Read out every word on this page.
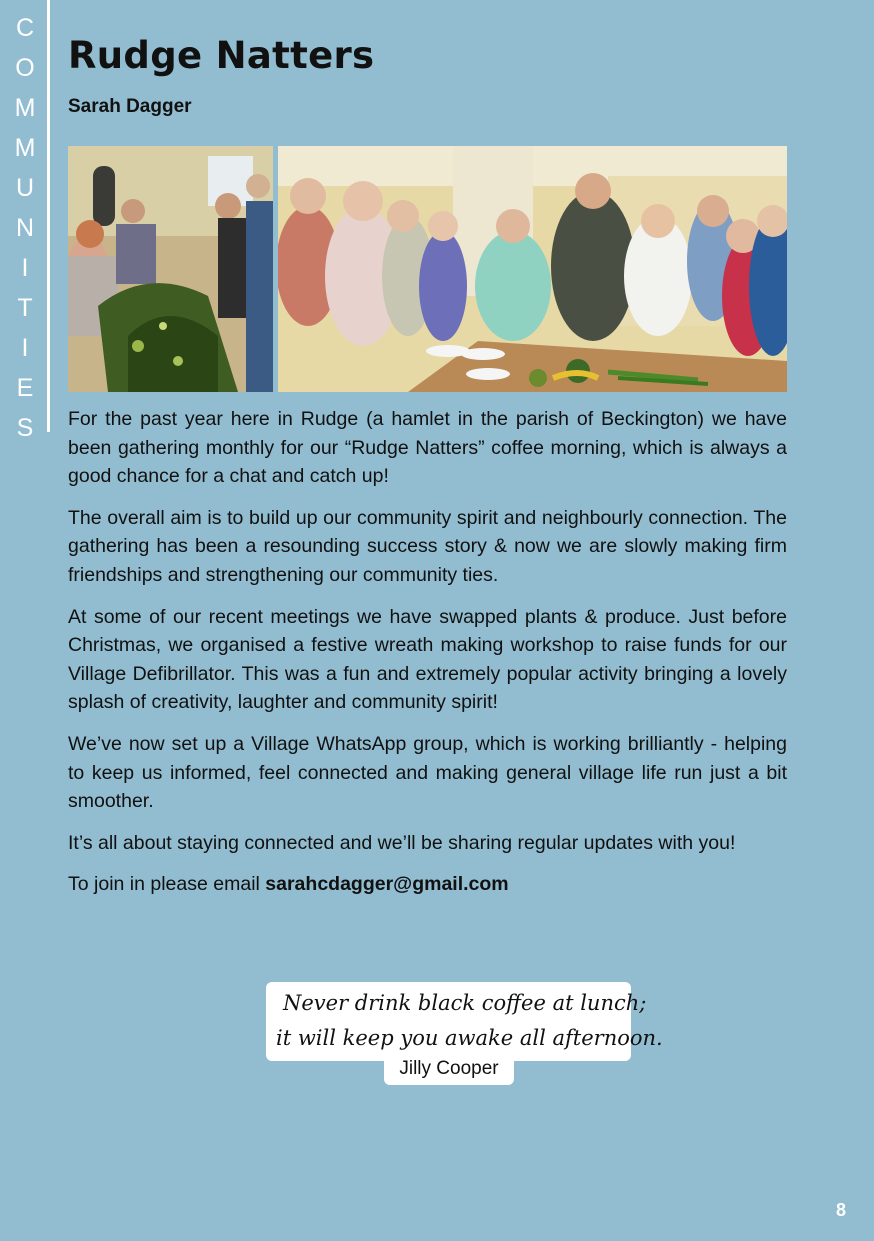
C
O
M
M
U
N
I
T
I
E
S
Rudge Natters
Sarah Dagger

For the past year here in Rudge (a hamlet in the parish of Beckington) we have been gathering monthly for our “Rudge Natters” coffee morning, which is always a good chance for a chat and catch up!

The overall aim is to build up our community spirit and neighbourly connection. The gathering has been a resounding success story & now we are slowly making firm friendships and strengthening our community ties.

At some of our recent meetings we have swapped plants & produce. Just before Christmas, we organised a festive wreath making workshop to raise funds for our Village Defibrillator. This was a fun and extremely popular activity bringing a lovely splash of creativity, laughter and community spirit!

We’ve now set up a Village WhatsApp group, which is working brilliantly - helping to keep us informed, feel connected and making general village life run just a bit smoother.

It’s all about staying connected and we’ll be sharing regular updates with you!

To join in please email sarahcdagger@gmail.com

Never drink black coffee at lunch;
it will keep you awake all afternoon.
Jilly Cooper
8
